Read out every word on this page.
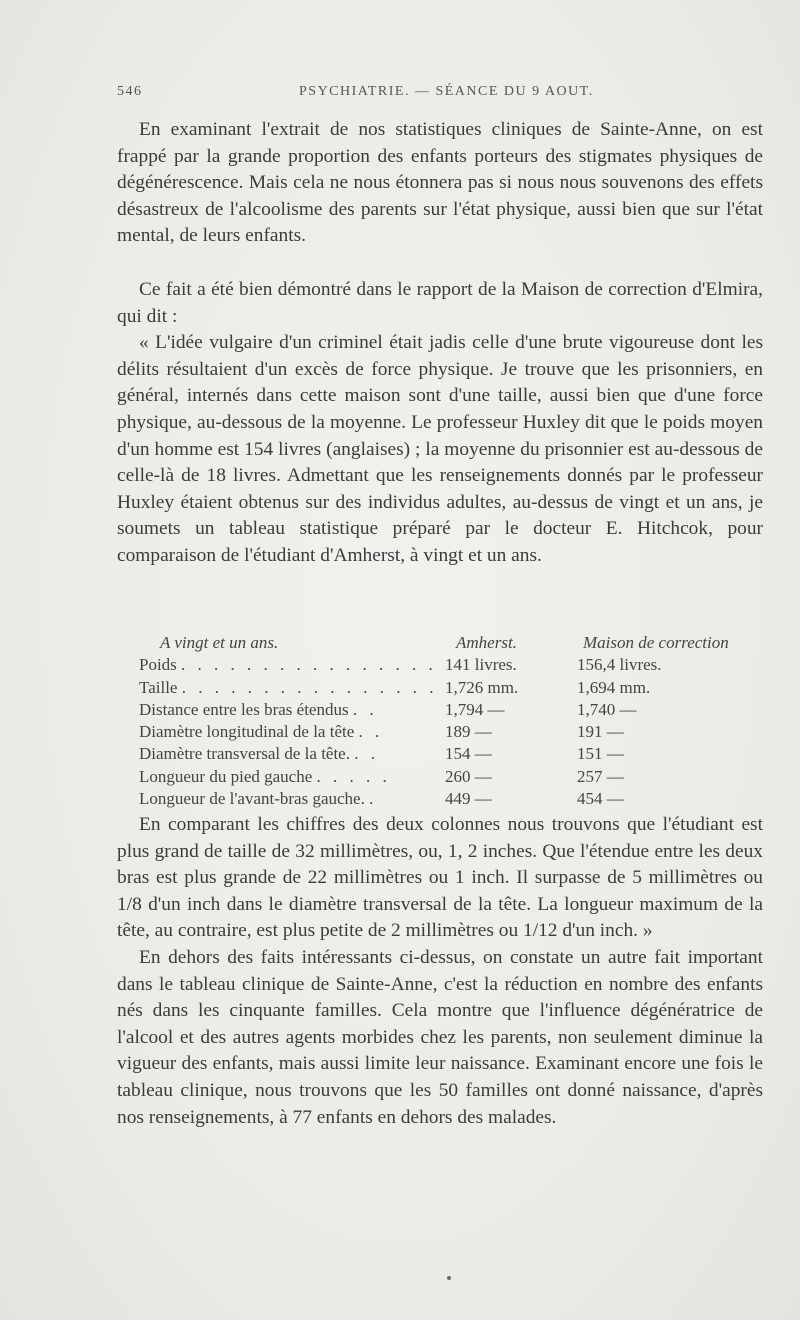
546	PSYCHIATRIE. — SÉANCE DU 9 AOUT.

En examinant l'extrait de nos statistiques cliniques de Sainte-Anne, on est frappé par la grande proportion des enfants porteurs des stigmates physiques de dégénérescence. Mais cela ne nous étonnera pas si nous nous souvenons des effets désastreux de l'alcoolisme des parents sur l'état physique, aussi bien que sur l'état mental, de leurs enfants.

Ce fait a été bien démontré dans le rapport de la Maison de correction d'Elmira, qui dit :

« L'idée vulgaire d'un criminel était jadis celle d'une brute vigoureuse dont les délits résultaient d'un excès de force physique. Je trouve que les prisonniers, en général, internés dans cette maison sont d'une taille, aussi bien que d'une force physique, au-dessous de la moyenne. Le professeur Huxley dit que le poids moyen d'un homme est 154 livres (anglaises) ; la moyenne du prisonnier est au-dessous de celle-là de 18 livres. Admettant que les renseignements donnés par le professeur Huxley étaient obtenus sur des individus adultes, au-dessus de vingt et un ans, je soumets un tableau statistique préparé par le docteur E. Hitchcok, pour comparaison de l'étudiant d'Amherst, à vingt et un ans.

A vingt et un ans.	Amherst.	Maison de correction
Poids . . . . . . . . . . . . . . . . 141 livres.	156,4 livres.
Taille . . . . . . . . . . . . . . . . 1,726 mm.	1,694 mm.
Distance entre les bras étendus . .	1,794 —	1,740 —
Diamètre longitudinal de la tête . .	189 —	191 —
Diamètre transversal de la tête. . .	154 —	151 —
Longueur du pied gauche . . . . .	260 —	257 —
Longueur de l'avant-bras gauche. .	449 —	454 —

En comparant les chiffres des deux colonnes nous trouvons que l'étudiant est plus grand de taille de 32 millimètres, ou, 1, 2 inches. Que l'étendue entre les deux bras est plus grande de 22 millimètres ou 1 inch. Il surpasse de 5 millimètres ou 1/8 d'un inch dans le diamètre transversal de la tête. La longueur maximum de la tête, au contraire, est plus petite de 2 millimètres ou 1/12 d'un inch. »

En dehors des faits intéressants ci-dessus, on constate un autre fait important dans le tableau clinique de Sainte-Anne, c'est la réduction en nombre des enfants nés dans les cinquante familles. Cela montre que l'influence dégénératrice de l'alcool et des autres agents morbides chez les parents, non seulement diminue la vigueur des enfants, mais aussi limite leur naissance. Examinant encore une fois le tableau clinique, nous trouvons que les 50 familles ont donné naissance, d'après nos renseignements, à 77 enfants en dehors des malades.
